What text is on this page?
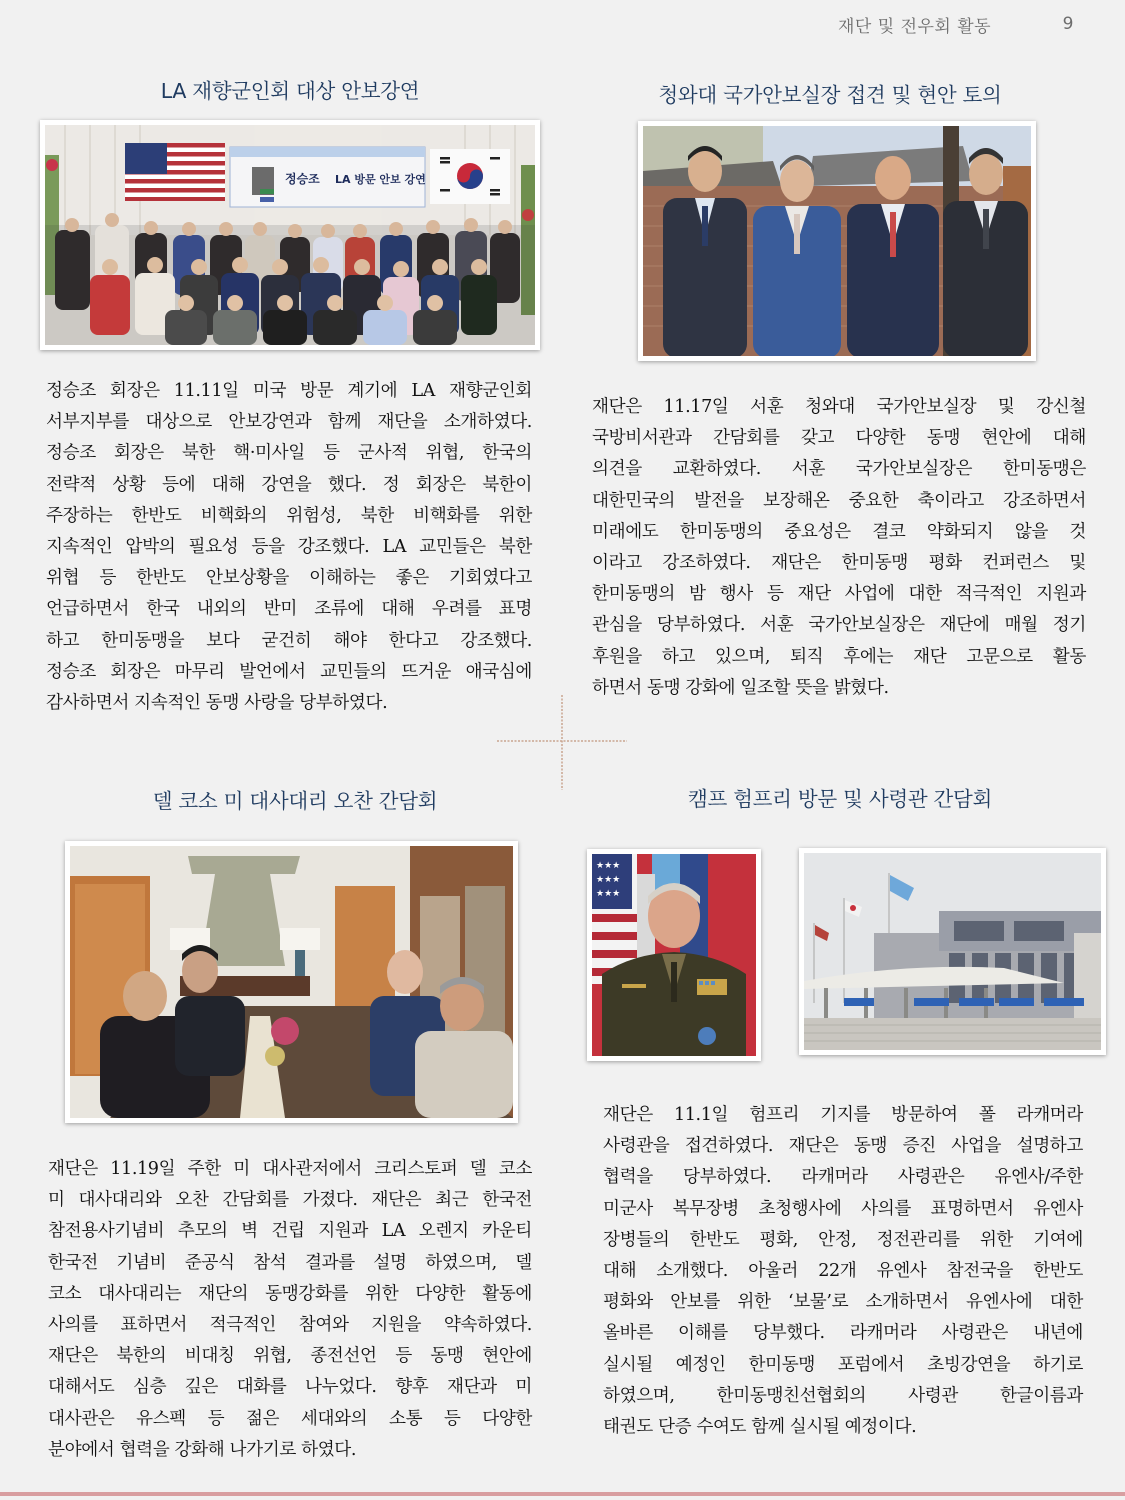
재단 및 전우회 활동	9
LA 재향군인회 대상 안보강연
정승조 LA 방문 안보 강연
정승조 회장은 11.11일 미국 방문 계기에 LA 재향군인회
서부지부를 대상으로 안보강연과 함께 재단을 소개하였다.
정승조 회장은 북한 핵·미사일 등 군사적 위협, 한국의
전략적 상황 등에 대해 강연을 했다. 정 회장은 북한이
주장하는 한반도 비핵화의 위험성, 북한 비핵화를 위한
지속적인 압박의 필요성 등을 강조했다. LA 교민들은 북한
위협 등 한반도 안보상황을 이해하는 좋은 기회였다고
언급하면서 한국 내외의 반미 조류에 대해 우려를 표명
하고 한미동맹을 보다 굳건히 해야 한다고 강조했다.
정승조 회장은 마무리 발언에서 교민들의 뜨거운 애국심에
감사하면서 지속적인 동맹 사랑을 당부하였다.
청와대 국가안보실장 접견 및 현안 토의
재단은 11.17일 서훈 청와대 국가안보실장 및 강신철
국방비서관과 간담회를 갖고 다양한 동맹 현안에 대해
의견을 교환하였다. 서훈 국가안보실장은 한미동맹은
대한민국의 발전을 보장해온 중요한 축이라고 강조하면서
미래에도 한미동맹의 중요성은 결코 약화되지 않을 것
이라고 강조하였다. 재단은 한미동맹 평화 컨퍼런스 및
한미동맹의 밤 행사 등 재단 사업에 대한 적극적인 지원과
관심을 당부하였다. 서훈 국가안보실장은 재단에 매월 정기
후원을 하고 있으며, 퇴직 후에는 재단 고문으로 활동
하면서 동맹 강화에 일조할 뜻을 밝혔다.
델 코소 미 대사대리 오찬 간담회
재단은 11.19일 주한 미 대사관저에서 크리스토퍼 델 코소
미 대사대리와 오찬 간담회를 가졌다. 재단은 최근 한국전
참전용사기념비 추모의 벽 건립 지원과 LA 오렌지 카운티
한국전 기념비 준공식 참석 결과를 설명 하였으며, 델
코소 대사대리는 재단의 동맹강화를 위한 다양한 활동에
사의를 표하면서 적극적인 참여와 지원을 약속하였다.
재단은 북한의 비대칭 위협, 종전선언 등 동맹 현안에
대해서도 심층 깊은 대화를 나누었다. 향후 재단과 미
대사관은 유스펙 등 젊은 세대와의 소통 등 다양한
분야에서 협력을 강화해 나가기로 하였다.
캠프 험프리 방문 및 사령관 간담회
★★★
★★★
★★★
재단은 11.1일 험프리 기지를 방문하여 폴 라캐머라
사령관을 접견하였다. 재단은 동맹 증진 사업을 설명하고
협력을 당부하였다. 라캐머라 사령관은 유엔사/주한
미군사 복무장병 초청행사에 사의를 표명하면서 유엔사
장병들의 한반도 평화, 안정, 정전관리를 위한 기여에
대해 소개했다. 아울러 22개 유엔사 참전국을 한반도
평화와 안보를 위한 ‘보물’로 소개하면서 유엔사에 대한
올바른 이해를 당부했다. 라캐머라 사령관은 내년에
실시될 예정인 한미동맹 포럼에서 초빙강연을 하기로
하였으며, 한미동맹친선협회의 사령관 한글이름과
태권도 단증 수여도 함께 실시될 예정이다.
